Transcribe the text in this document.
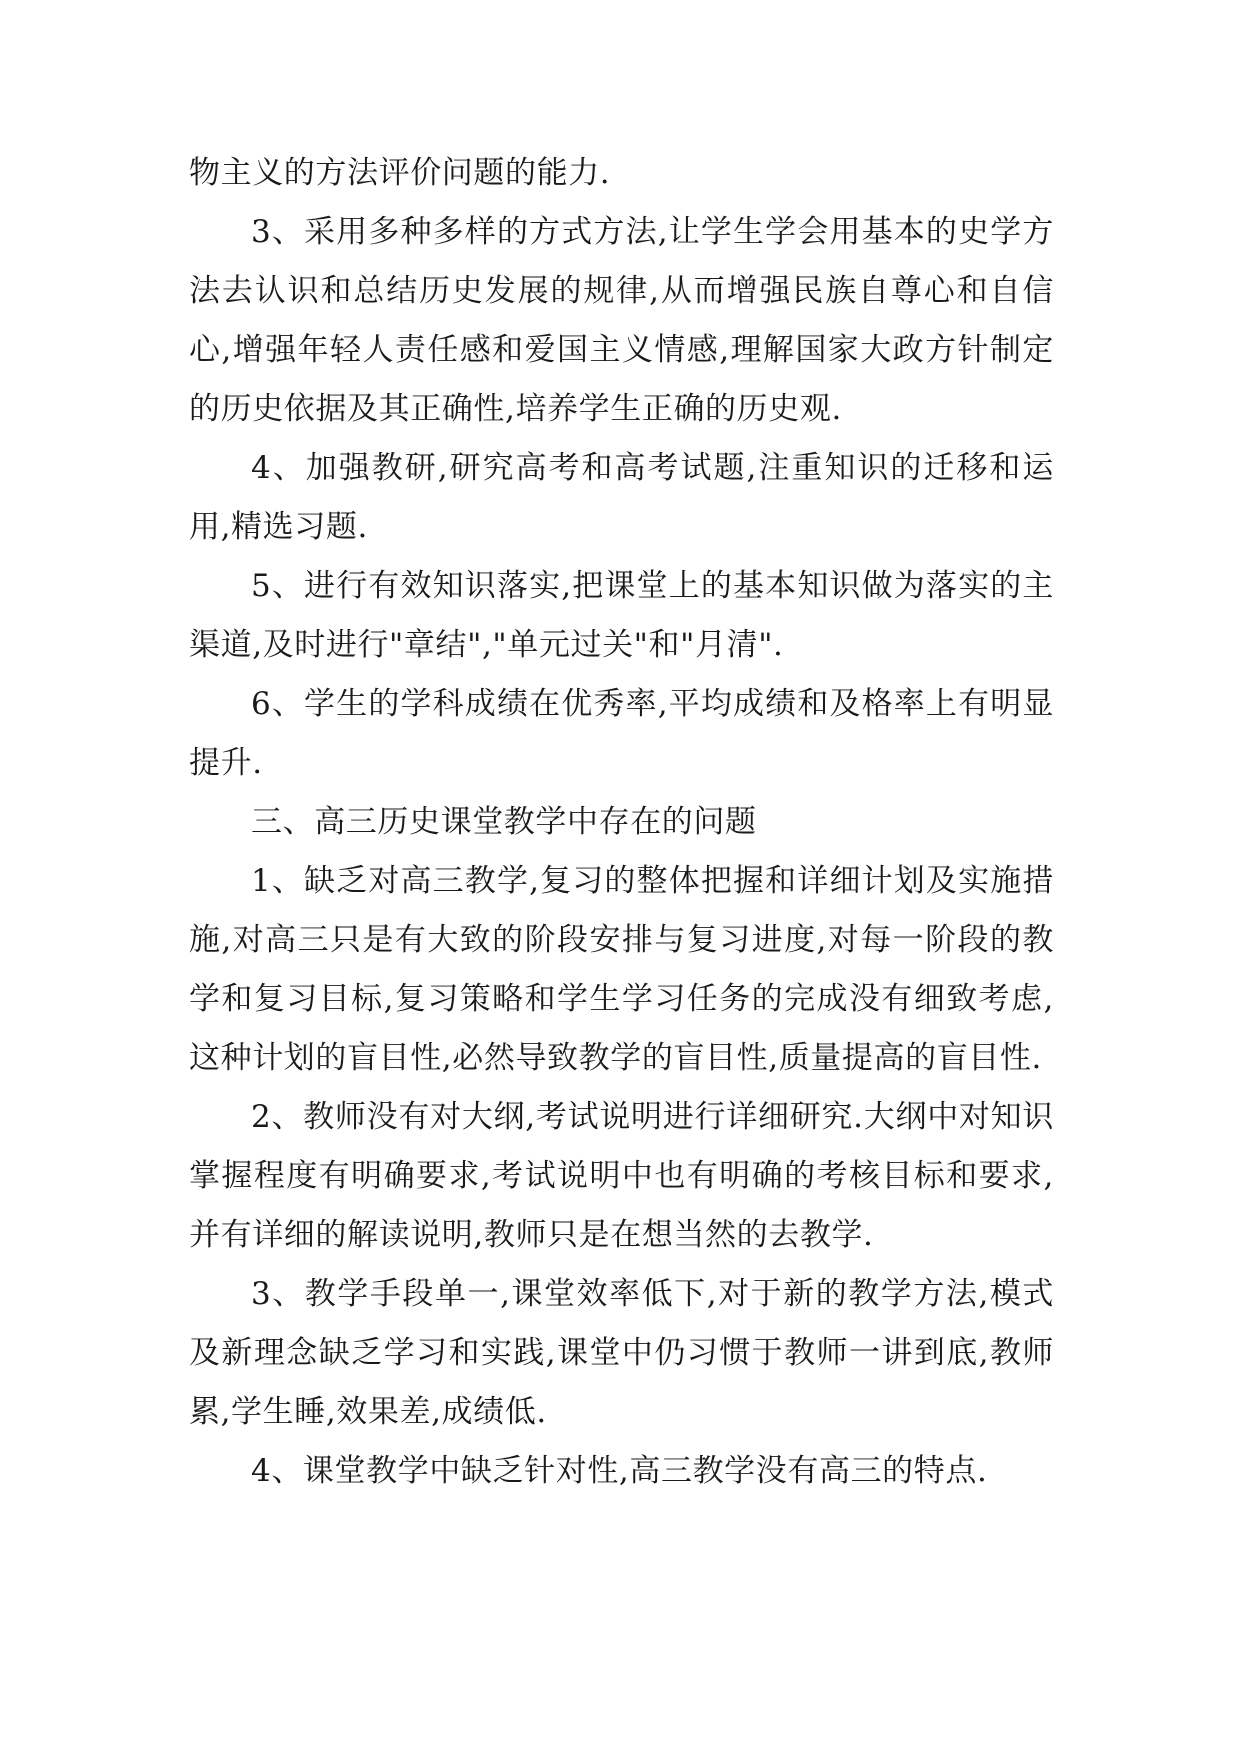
物主义的方法评价问题的能力.

3、采用多种多样的方式方法,让学生学会用基本的史学方法去认识和总结历史发展的规律,从而增强民族自尊心和自信心,增强年轻人责任感和爱国主义情感,理解国家大政方针制定的历史依据及其正确性,培养学生正确的历史观.

4、加强教研,研究高考和高考试题,注重知识的迁移和运用,精选习题.

5、进行有效知识落实,把课堂上的基本知识做为落实的主渠道,及时进行"章结","单元过关"和"月清".

6、学生的学科成绩在优秀率,平均成绩和及格率上有明显提升.

三、高三历史课堂教学中存在的问题

1、缺乏对高三教学,复习的整体把握和详细计划及实施措施,对高三只是有大致的阶段安排与复习进度,对每一阶段的教学和复习目标,复习策略和学生学习任务的完成没有细致考虑,这种计划的盲目性,必然导致教学的盲目性,质量提高的盲目性.

2、教师没有对大纲,考试说明进行详细研究.大纲中对知识掌握程度有明确要求,考试说明中也有明确的考核目标和要求,并有详细的解读说明,教师只是在想当然的去教学.

3、教学手段单一,课堂效率低下,对于新的教学方法,模式及新理念缺乏学习和实践,课堂中仍习惯于教师一讲到底,教师累,学生睡,效果差,成绩低.

4、课堂教学中缺乏针对性,高三教学没有高三的特点.
